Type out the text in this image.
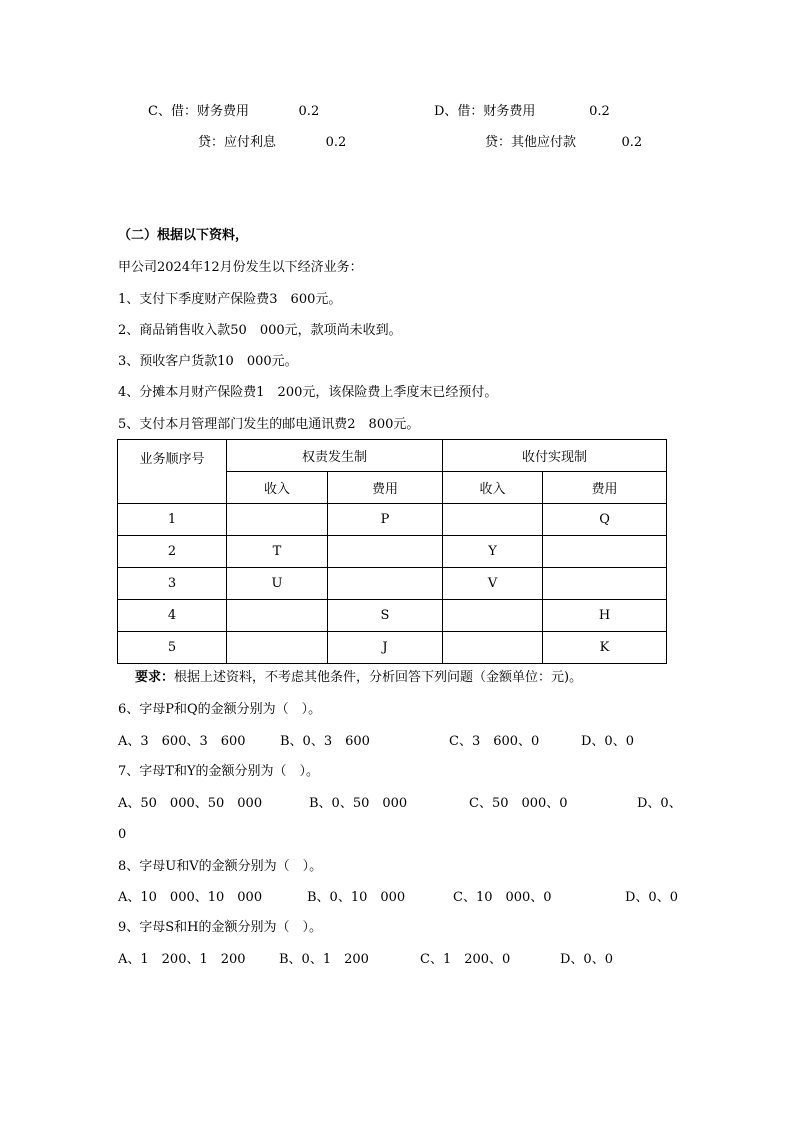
C、借：财务费用            0.2
贷：应付利息            0.2
D、借：财务费用             0.2
贷：其他应付款           0.2
（二）根据以下资料，
甲公司2024年12月份发生以下经济业务：
1、支付下季度财产保险费3　600元。
2、商品销售收入款50　000元，款项尚未收到。
3、预收客户货款10　000元。
4、分摊本月财产保险费1　200元，该保险费上季度末已经预付。
5、支付本月管理部门发生的邮电通讯费2　800元。
业务顺序号	权责发生制		收付实现制	
	收入	费用	收入	费用
1		P		Q
2	T		Y	
3	U		V	
4		S		H
5		J		K
要求：根据上述资料，不考虑其他条件，分析回答下列问题（金额单位：元)。
6、字母P和Q的金额分别为（　）。
A、3　600、3　600	B、0、3　600	C、3　600、0	D、0、0
7、字母T和Y的金额分别为（　）。
A、50　000、50　000	B、0、50　000	C、50　000、0	D、0、
0
8、字母U和V的金额分别为（　）。
A、10　000、10　000	B、0、10　000	C、10　000、0	D、0、0
9、字母S和H的金额分别为（　）。
A、1　200、1　200	B、0、1　200	C、1　200、0	D、0、0
